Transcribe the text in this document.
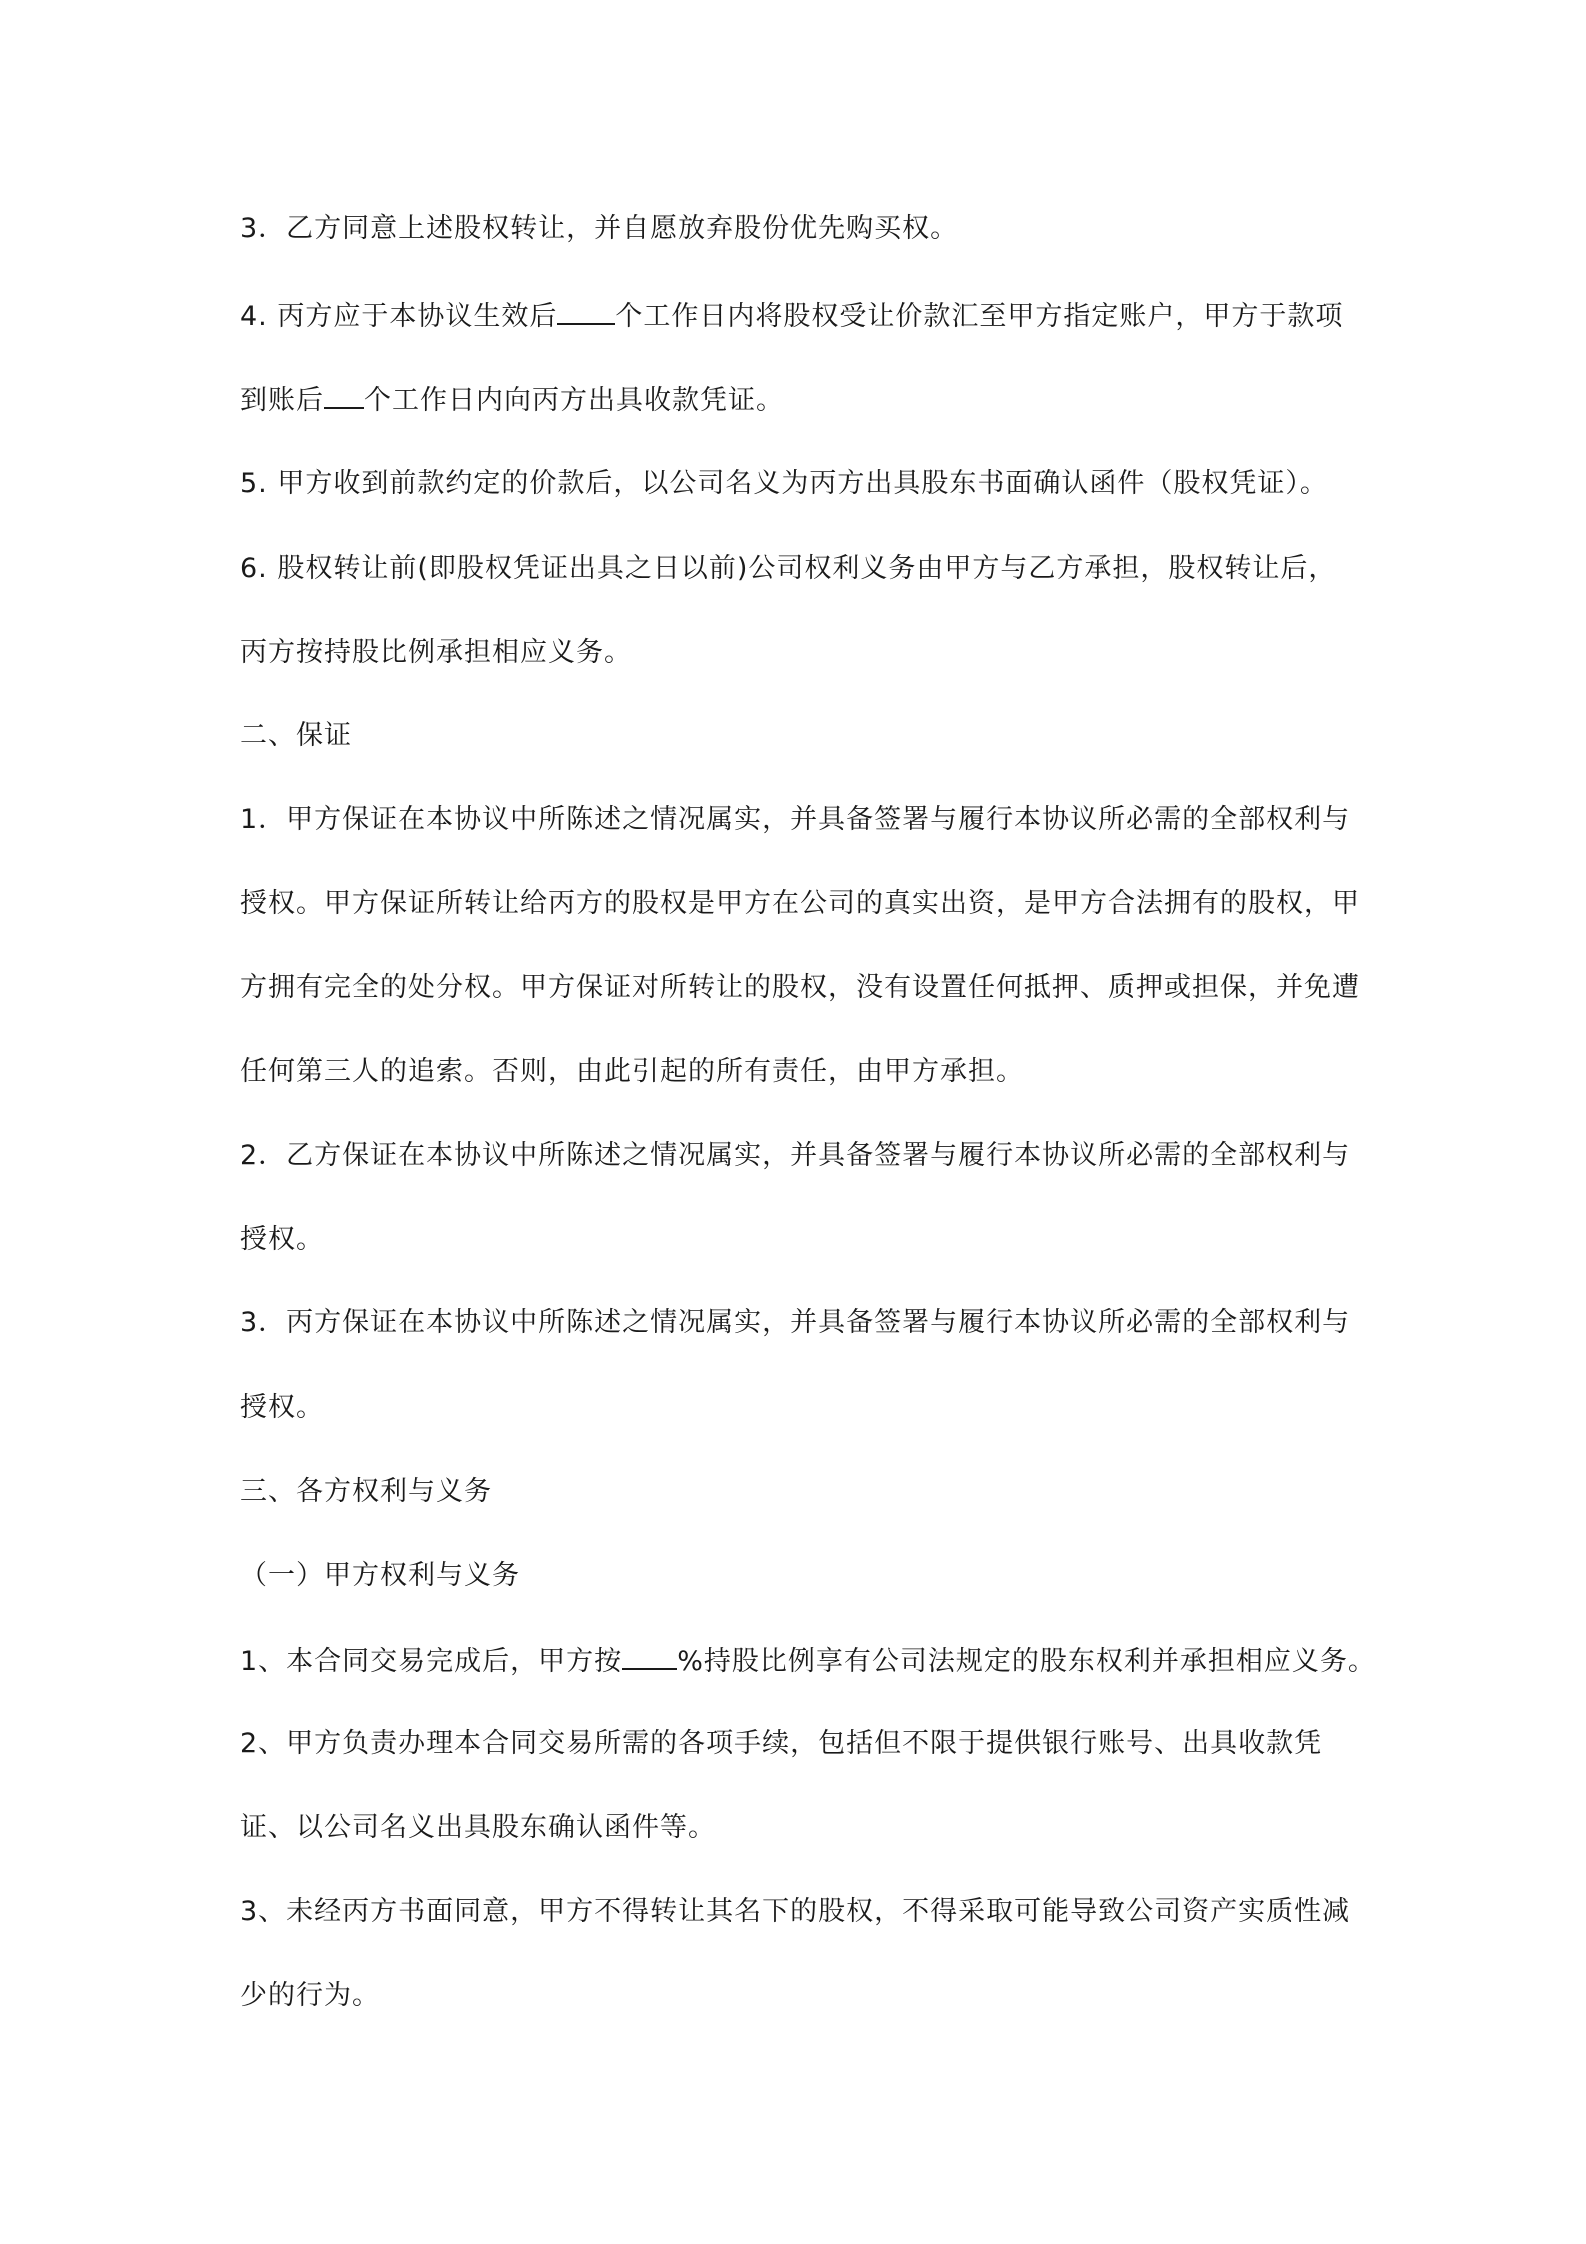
3．乙方同意上述股权转让，并自愿放弃股份优先购买权。
4. 丙方应于本协议生效后 个工作日内将股权受让价款汇至甲方指定账户，甲方于款项
到账后 个工作日内向丙方出具收款凭证。
5. 甲方收到前款约定的价款后，以公司名义为丙方出具股东书面确认函件（股权凭证）。
6. 股权转让前(即股权凭证出具之日以前)公司权利义务由甲方与乙方承担，股权转让后，
丙方按持股比例承担相应义务。
二、保证
1．甲方保证在本协议中所陈述之情况属实，并具备签署与履行本协议所必需的全部权利与
授权。甲方保证所转让给丙方的股权是甲方在公司的真实出资，是甲方合法拥有的股权，甲
方拥有完全的处分权。甲方保证对所转让的股权，没有设置任何抵押、质押或担保，并免遭
任何第三人的追索。否则，由此引起的所有责任，由甲方承担。
2．乙方保证在本协议中所陈述之情况属实，并具备签署与履行本协议所必需的全部权利与
授权。
3．丙方保证在本协议中所陈述之情况属实，并具备签署与履行本协议所必需的全部权利与
授权。
三、各方权利与义务
（一）甲方权利与义务
1、本合同交易完成后，甲方按 %持股比例享有公司法规定的股东权利并承担相应义务。
2、甲方负责办理本合同交易所需的各项手续，包括但不限于提供银行账号、出具收款凭
证、以公司名义出具股东确认函件等。
3、未经丙方书面同意，甲方不得转让其名下的股权，不得采取可能导致公司资产实质性减
少的行为。
